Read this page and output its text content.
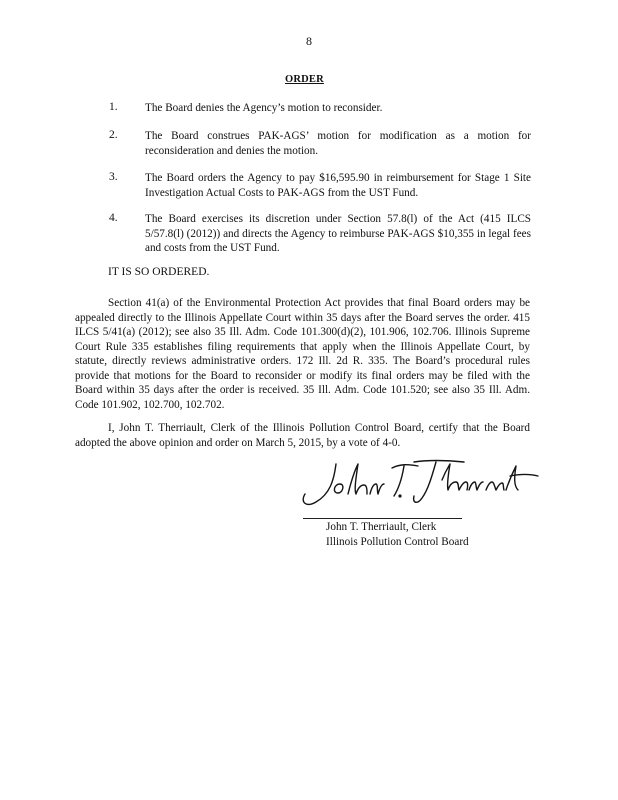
8
ORDER
1. The Board denies the Agency’s motion to reconsider.
2. The Board construes PAK-AGS’ motion for modification as a motion for reconsideration and denies the motion.
3. The Board orders the Agency to pay $16,595.90 in reimbursement for Stage 1 Site Investigation Actual Costs to PAK-AGS from the UST Fund.
4. The Board exercises its discretion under Section 57.8(l) of the Act (415 ILCS 5/57.8(l) (2012)) and directs the Agency to reimburse PAK-AGS $10,355 in legal fees and costs from the UST Fund.
IT IS SO ORDERED.
Section 41(a) of the Environmental Protection Act provides that final Board orders may be appealed directly to the Illinois Appellate Court within 35 days after the Board serves the order. 415 ILCS 5/41(a) (2012); see also 35 Ill. Adm. Code 101.300(d)(2), 101.906, 102.706. Illinois Supreme Court Rule 335 establishes filing requirements that apply when the Illinois Appellate Court, by statute, directly reviews administrative orders. 172 Ill. 2d R. 335. The Board’s procedural rules provide that motions for the Board to reconsider or modify its final orders may be filed with the Board within 35 days after the order is received. 35 Ill. Adm. Code 101.520; see also 35 Ill. Adm. Code 101.902, 102.700, 102.702.
I, John T. Therriault, Clerk of the Illinois Pollution Control Board, certify that the Board adopted the above opinion and order on March 5, 2015, by a vote of 4-0.
John T. Therriault, Clerk
Illinois Pollution Control Board
